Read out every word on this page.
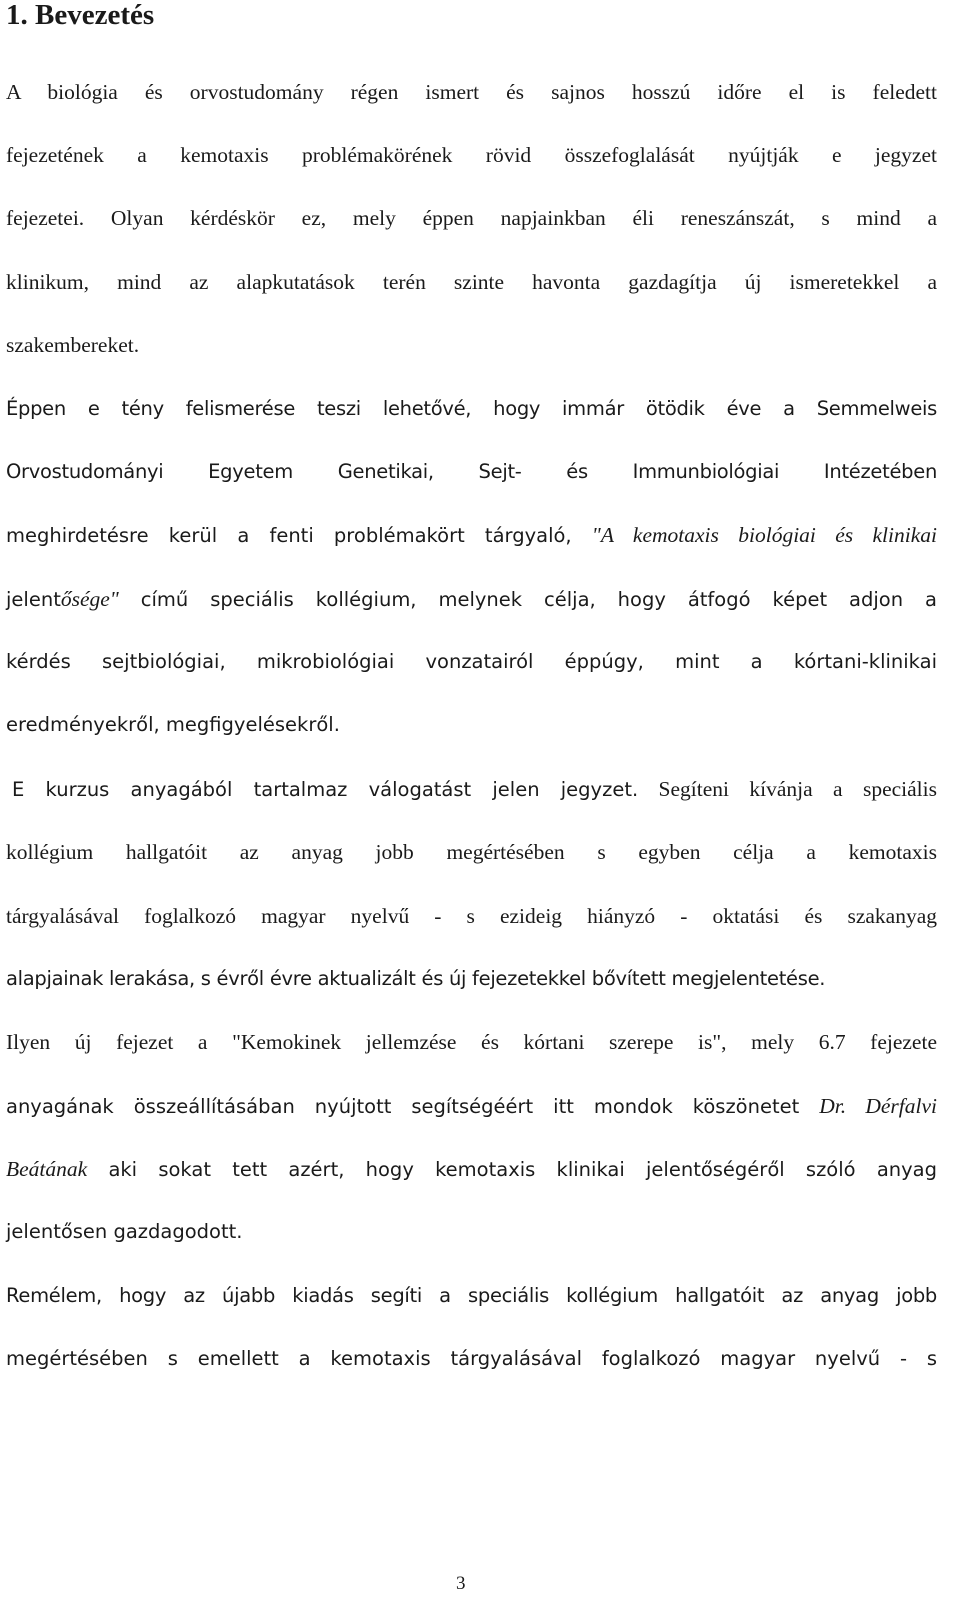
1. Bevezetés
A biológia és orvostudomány régen ismert és sajnos hosszú időre el is feledett
fejezetének a kemotaxis problémakörének rövid összefoglalását nyújtják e jegyzet
fejezetei. Olyan kérdéskör ez, mely éppen napjainkban éli reneszánszát, s mind a
klinikum, mind az alapkutatások terén szinte havonta gazdagítja új ismeretekkel a
szakembereket.
Éppen e tény felismerése teszi lehetővé, hogy immár ötödik éve a Semmelweis
Orvostudományi Egyetem Genetikai, Sejt- és Immunbiológiai Intézetében
meghirdetésre kerül a fenti problémakört tárgyaló, "A kemotaxis biológiai és klinikai
jelentősége" című speciális kollégium, melynek célja, hogy átfogó képet adjon a
kérdés sejtbiológiai, mikrobiológiai vonzatairól éppúgy, mint a kórtani-klinikai
eredményekről, megfigyelésekről.
E kurzus anyagából tartalmaz válogatást jelen jegyzet. Segíteni kívánja a speciális
kollégium hallgatóit az anyag jobb megértésében s egyben célja a kemotaxis
tárgyalásával foglalkozó magyar nyelvű - s ezideig hiányzó - oktatási és szakanyag
alapjainak lerakása, s évről évre aktualizált és új fejezetekkel bővített megjelentetése.
Ilyen új fejezet a "Kemokinek jellemzése és kórtani szerepe is", mely 6.7 fejezete
anyagának összeállításában nyújtott segítségéért itt mondok köszönetet Dr. Dérfalvi
Beátának aki sokat tett azért, hogy kemotaxis klinikai jelentőségéről szóló anyag
jelentősen gazdagodott.
Remélem, hogy az újabb kiadás segíti a speciális kollégium hallgatóit az anyag jobb
megértésében s emellett a kemotaxis tárgyalásával foglalkozó magyar nyelvű - s
3
